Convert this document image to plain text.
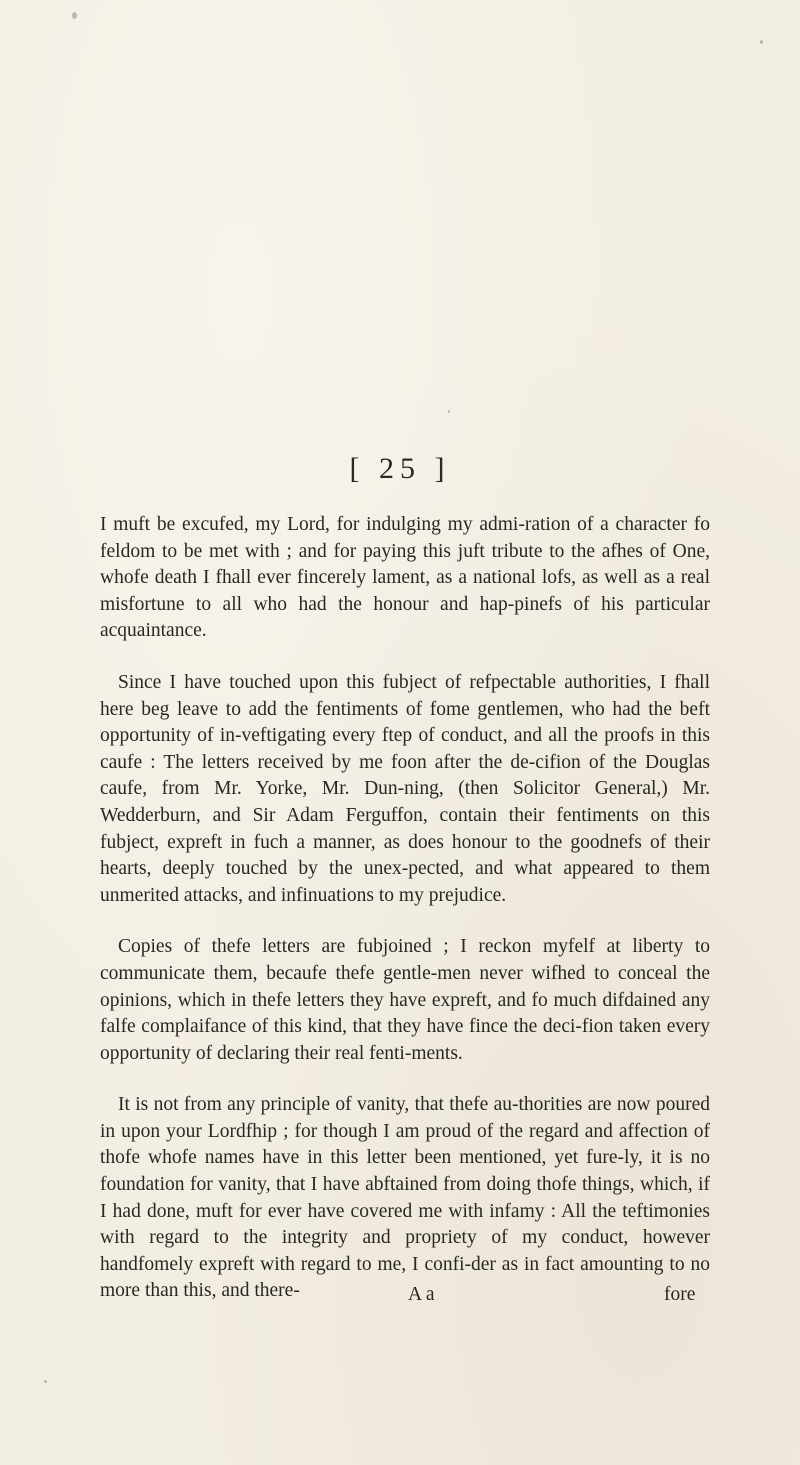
[ 25 ]

I muft be excufed, my Lord, for indulging my admi-ration of a character fo feldom to be met with ; and for paying this juft tribute to the afhes of One, whofe death I fhall ever fincerely lament, as a national lofs, as well as a real misfortune to all who had the honour and hap-pinefs of his particular acquaintance.

Since I have touched upon this fubject of refpectable authorities, I fhall here beg leave to add the fentiments of fome gentlemen, who had the beft opportunity of in-veftigating every ftep of conduct, and all the proofs in this caufe : The letters received by me foon after the de-cifion of the Douglas caufe, from Mr. Yorke, Mr. Dun-ning, (then Solicitor General,) Mr. Wedderburn, and Sir Adam Ferguffon, contain their fentiments on this fubject, expreft in fuch a manner, as does honour to the goodnefs of their hearts, deeply touched by the unex-pected, and what appeared to them unmerited attacks, and infinuations to my prejudice.

Copies of thefe letters are fubjoined ; I reckon myfelf at liberty to communicate them, becaufe thefe gentle-men never wifhed to conceal the opinions, which in thefe letters they have expreft, and fo much difdained any falfe complaifance of this kind, that they have fince the deci-fion taken every opportunity of declaring their real fenti-ments.

It is not from any principle of vanity, that thefe au-thorities are now poured in upon your Lordfhip ; for though I am proud of the regard and affection of thofe whofe names have in this letter been mentioned, yet fure-ly, it is no foundation for vanity, that I have abftained from doing thofe things, which, if I had done, muft for ever have covered me with infamy : All the teftimonies with regard to the integrity and propriety of my conduct, however handfomely expreft with regard to me, I confi-der as in fact amounting to no more than this, and there-	A a	fore
